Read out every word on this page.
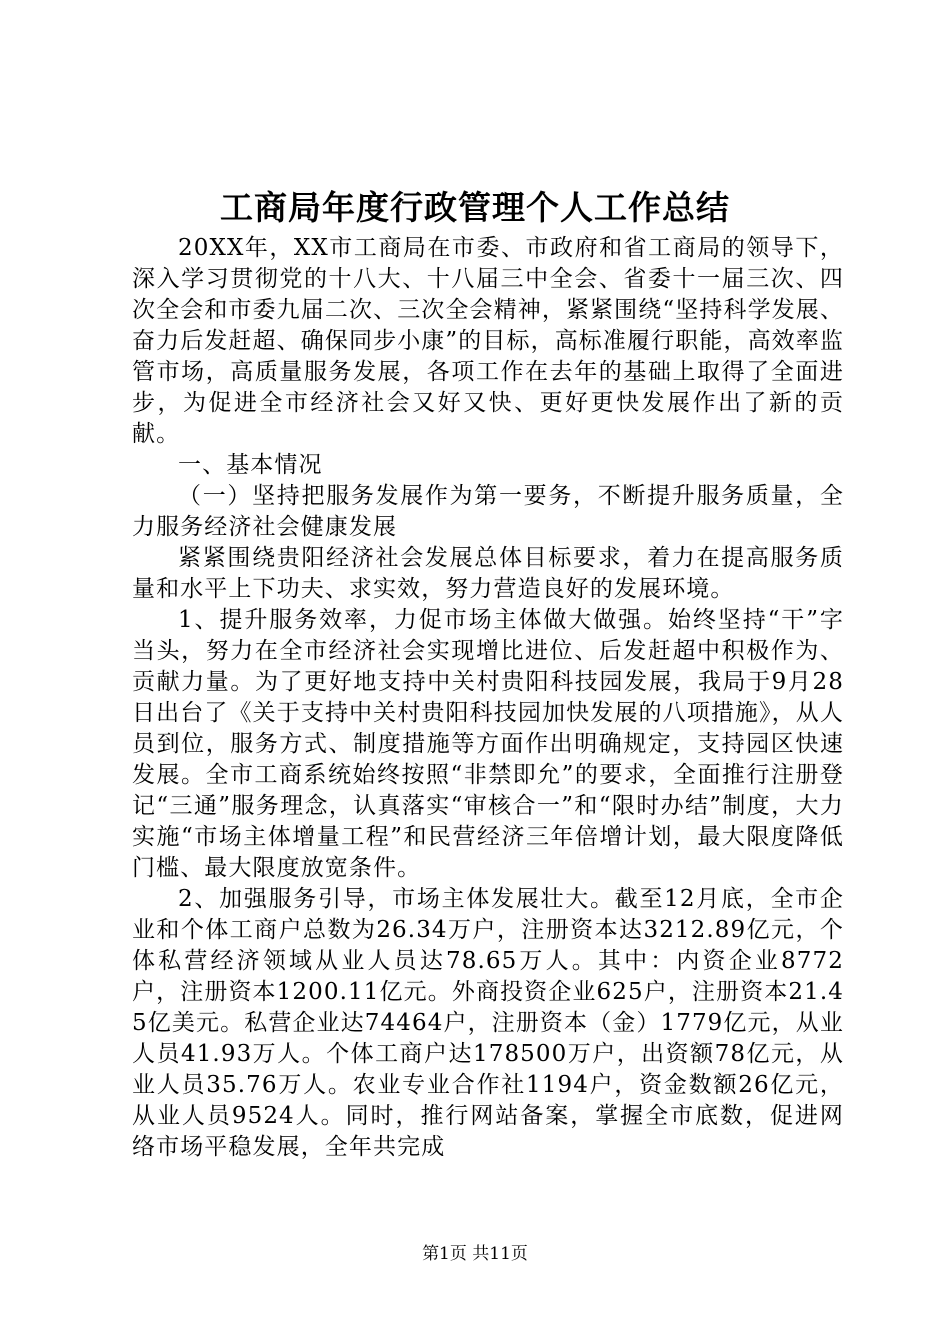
工商局年度行政管理个人工作总结

20XX年，XX市工商局在市委、市政府和省工商局的领导下，深入学习贯彻党的十八大、十八届三中全会、省委十一届三次、四次全会和市委九届二次、三次全会精神，紧紧围绕“坚持科学发展、奋力后发赶超、确保同步小康”的目标，高标准履行职能，高效率监管市场，高质量服务发展，各项工作在去年的基础上取得了全面进步，为促进全市经济社会又好又快、更好更快发展作出了新的贡献。

一、基本情况

（一）坚持把服务发展作为第一要务，不断提升服务质量，全力服务经济社会健康发展

紧紧围绕贵阳经济社会发展总体目标要求，着力在提高服务质量和水平上下功夫、求实效，努力营造良好的发展环境。

1、提升服务效率，力促市场主体做大做强。始终坚持“干”字当头，努力在全市经济社会实现增比进位、后发赶超中积极作为、贡献力量。为了更好地支持中关村贵阳科技园发展，我局于9月28日出台了《关于支持中关村贵阳科技园加快发展的八项措施》，从人员到位，服务方式、制度措施等方面作出明确规定，支持园区快速发展。全市工商系统始终按照“非禁即允”的要求，全面推行注册登记“三通”服务理念，认真落实“审核合一”和“限时办结”制度，大力实施“市场主体增量工程”和民营经济三年倍增计划，最大限度降低门槛、最大限度放宽条件。

2、加强服务引导，市场主体发展壮大。截至12月底，全市企业和个体工商户总数为26.34万户，注册资本达3212.89亿元，个体私营经济领域从业人员达78.65万人。其中：内资企业8772户，注册资本1200.11亿元。外商投资企业625户，注册资本21.45亿美元。私营企业达74464户，注册资本（金）1779亿元，从业人员41.93万人。个体工商户达178500万户，出资额78亿元，从业人员35.76万人。农业专业合作社1194户，资金数额26亿元，从业人员9524人。同时，推行网站备案，掌握全市底数，促进网络市场平稳发展，全年共完成

第1页 共11页
